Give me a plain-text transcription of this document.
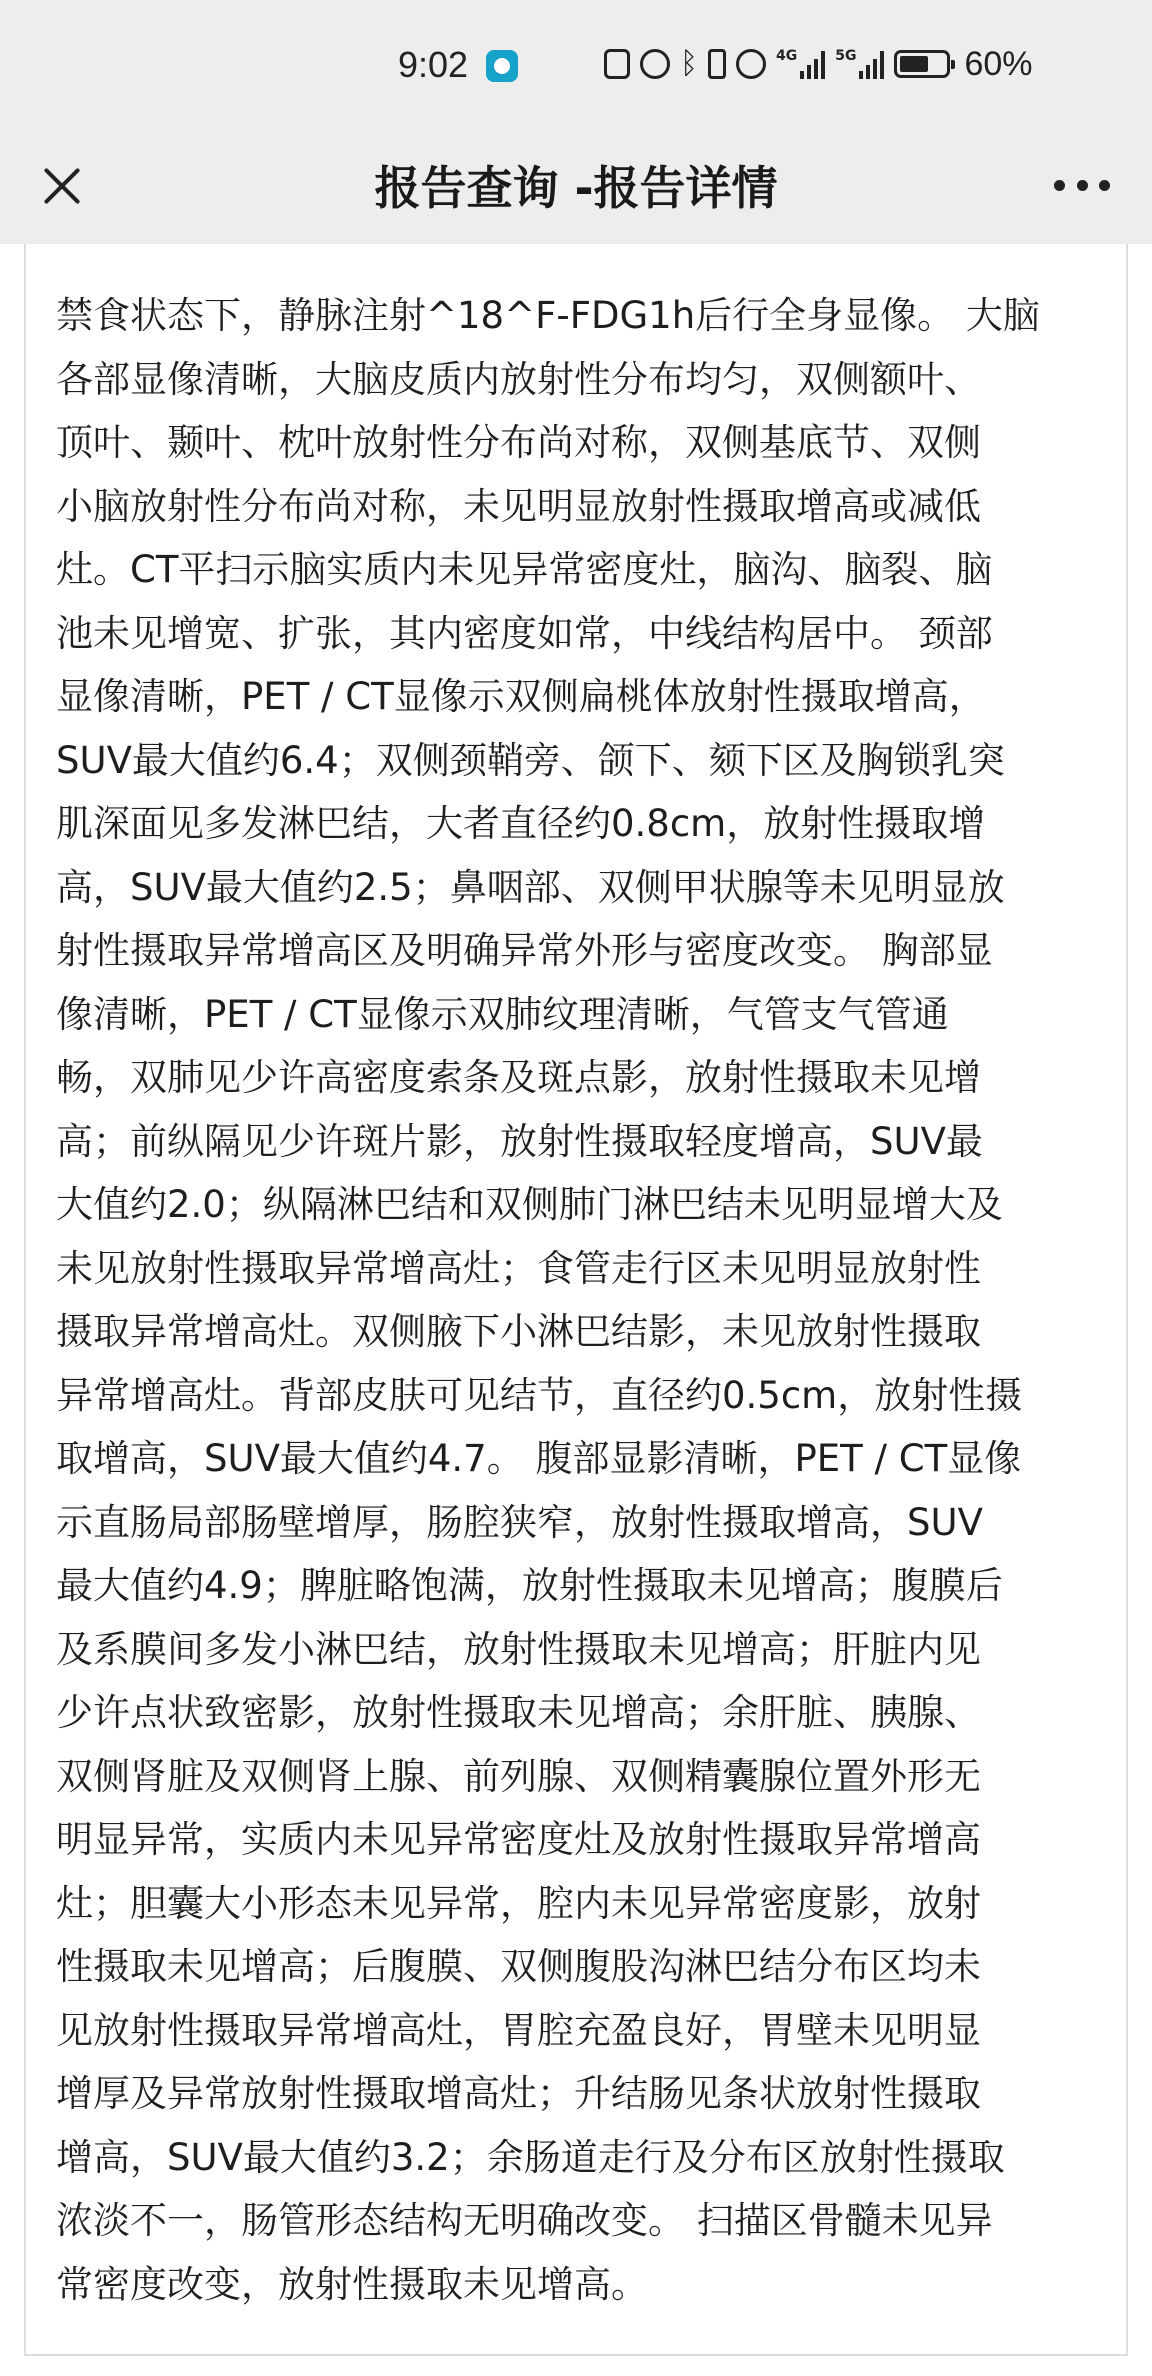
9:02	ᛒ	4G	5G	60%
报告查询 -报告详情

禁食状态下，静脉注射^18^F-FDG1h后行全身显像。 大脑
各部显像清晰，大脑皮质内放射性分布均匀，双侧额叶、
顶叶、颞叶、枕叶放射性分布尚对称，双侧基底节、双侧
小脑放射性分布尚对称，未见明显放射性摄取增高或减低
灶。CT平扫示脑实质内未见异常密度灶，脑沟、脑裂、脑
池未见增宽、扩张，其内密度如常，中线结构居中。 颈部
显像清晰，PET / CT显像示双侧扁桃体放射性摄取增高，
SUV最大值约6.4；双侧颈鞘旁、颌下、颏下区及胸锁乳突
肌深面见多发淋巴结，大者直径约0.8cm，放射性摄取增
高，SUV最大值约2.5；鼻咽部、双侧甲状腺等未见明显放
射性摄取异常增高区及明确异常外形与密度改变。 胸部显
像清晰，PET / CT显像示双肺纹理清晰，气管支气管通
畅，双肺见少许高密度索条及斑点影，放射性摄取未见增
高；前纵隔见少许斑片影，放射性摄取轻度增高，SUV最
大值约2.0；纵隔淋巴结和双侧肺门淋巴结未见明显增大及
未见放射性摄取异常增高灶；食管走行区未见明显放射性
摄取异常增高灶。双侧腋下小淋巴结影，未见放射性摄取
异常增高灶。背部皮肤可见结节，直径约0.5cm，放射性摄
取增高，SUV最大值约4.7。 腹部显影清晰，PET / CT显像
示直肠局部肠壁增厚，肠腔狭窄，放射性摄取增高，SUV
最大值约4.9；脾脏略饱满，放射性摄取未见增高；腹膜后
及系膜间多发小淋巴结，放射性摄取未见增高；肝脏内见
少许点状致密影，放射性摄取未见增高；余肝脏、胰腺、
双侧肾脏及双侧肾上腺、前列腺、双侧精囊腺位置外形无
明显异常，实质内未见异常密度灶及放射性摄取异常增高
灶；胆囊大小形态未见异常，腔内未见异常密度影，放射
性摄取未见增高；后腹膜、双侧腹股沟淋巴结分布区均未
见放射性摄取异常增高灶，胃腔充盈良好，胃壁未见明显
增厚及异常放射性摄取增高灶；升结肠见条状放射性摄取
增高，SUV最大值约3.2；余肠道走行及分布区放射性摄取
浓淡不一，肠管形态结构无明确改变。 扫描区骨髓未见异
常密度改变，放射性摄取未见增高。
